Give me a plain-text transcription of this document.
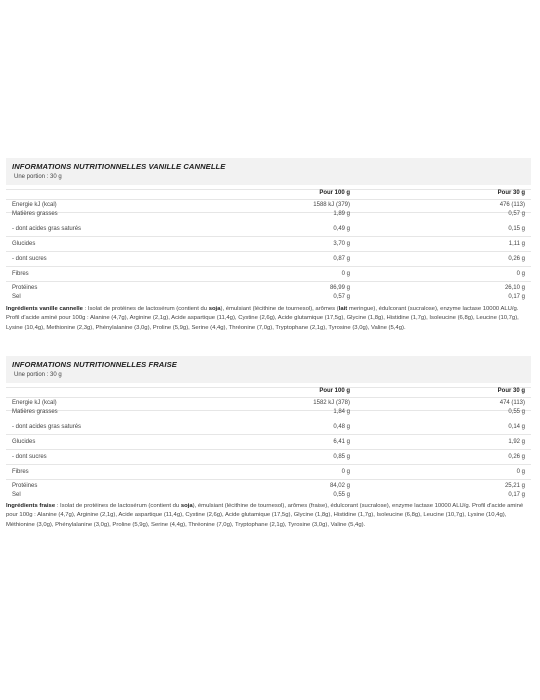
INFORMATIONS NUTRITIONNELLES VANILLE CANNELLE
Une portion : 30 g
Pour 100 g	Pour 30 g
Energie kJ (kcal)	1588 kJ (379)	476 (113)
Matières grasses	1,89 g	0,57 g
- dont acides gras saturés	0,49 g	0,15 g
Glucides	3,70 g	1,11 g
- dont sucres	0,87 g	0,26 g
Fibres	0 g	0 g
Protéines	86,99 g	26,10 g
Sel	0,57 g	0,17 g
Ingrédients vanille cannelle : Isolat de protéines de lactosérum (contient du soja), émulsiant (lécithine de tournesol), arômes (lait meringue), édulcorant (sucralose), enzyme lactase 10000 ALU/g. Profil d'acide aminé pour 100g : Alanine (4,7g), Arginine (2,1g), Acide aspartique (11,4g), Cystine (2,6g), Acide glutamique (17,5g), Glycine (1,8g), Histidine (1,7g), Isoleucine (6,8g), Leucine (10,7g), Lysine (10,4g), Methionine (2,3g), Phénylalanine (3,0g), Proline (5,9g), Serine (4,4g), Thréonine (7,0g), Tryptophane (2,1g), Tyrosine (3,0g), Valine (5,4g).
INFORMATIONS NUTRITIONNELLES FRAISE
Une portion : 30 g
Pour 100 g	Pour 30 g
Energie kJ (kcal)	1582 kJ (378)	474 (113)
Matières grasses	1,84 g	0,55 g
- dont acides gras saturés	0,48 g	0,14 g
Glucides	6,41 g	1,92 g
- dont sucres	0,85 g	0,26 g
Fibres	0 g	0 g
Protéines	84,02 g	25,21 g
Sel	0,55 g	0,17 g
Ingrédients fraise : Isolat de protéines de lactosérum (contient du soja), émulsiant (lécithine de tournesol), arômes (fraise), édulcorant (sucralose), enzyme lactase 10000 ALU/g. Profil d'acide aminé pour 100g : Alanine (4,7g), Arginine (2,1g), Acide aspartique (11,4g), Cystine (2,6g), Acide glutamique (17,5g), Glycine (1,8g), Histidine (1,7g), Isoleucine (6,8g), Leucine (10,7g), Lysine (10,4g), Méthionine (3,0g), Phénylalanine (3,0g), Proline (5,9g), Serine (4,4g), Thréonine (7,0g), Tryptophane (2,1g), Tyrosine (3,0g), Valine (5,4g).
